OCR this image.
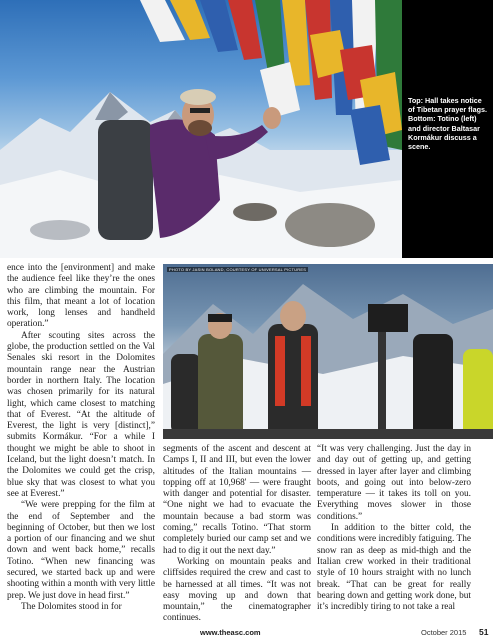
Top: Hall takes notice of Tibetan prayer flags. Bottom: Totino (left) and director Baltasar Kormákur discuss a scene.
PHOTO BY JASIN BOLAND, COURTESY OF UNIVERSAL PICTURES

ence into the [environment] and make the audience feel like they’re the ones who are climbing the mountain. For this film, that meant a lot of location work, long lenses and handheld operation.”

After scouting sites across the globe, the production settled on the Val Senales ski resort in the Dolomites mountain range near the Austrian border in northern Italy. The location was chosen primarily for its natural light, which came closest to matching that of Everest. “At the altitude of Everest, the light is very [distinct],” submits Kormákur. “For a while I thought we might be able to shoot in Iceland, but the light doesn’t match. In the Dolomites we could get the crisp, blue sky that was closest to what you see at Everest.”

“We were prepping for the film at the end of September and the beginning of October, but then we lost a portion of our financing and we shut down and went back home,” recalls Totino. “When new financing was secured, we started back up and were shooting within a month with very little prep. We just dove in head first.”

The Dolomites stood in for

segments of the ascent and descent at Camps I, II and III, but even the lower altitudes of the Italian mountains — topping off at 10,968' — were fraught with danger and potential for disaster. “One night we had to evacuate the mountain because a bad storm was coming,” recalls Totino. “That storm completely buried our camp set and we had to dig it out the next day.”

Working on mountain peaks and cliffsides required the crew and cast to be harnessed at all times. “It was not easy moving up and down that mountain,” the cinematographer continues.

“It was very challenging. Just the day in and day out of getting up, and getting dressed in layer after layer and climbing boots, and going out into below-zero temperature — it takes its toll on you. Everything moves slower in those conditions.”

In addition to the bitter cold, the conditions were incredibly fatiguing. The snow ran as deep as mid-thigh and the Italian crew worked in their traditional style of 10 hours straight with no lunch break. “That can be great for really bearing down and getting work done, but it’s incredibly tiring to not take a real

www.theasc.com	October 2015 51
